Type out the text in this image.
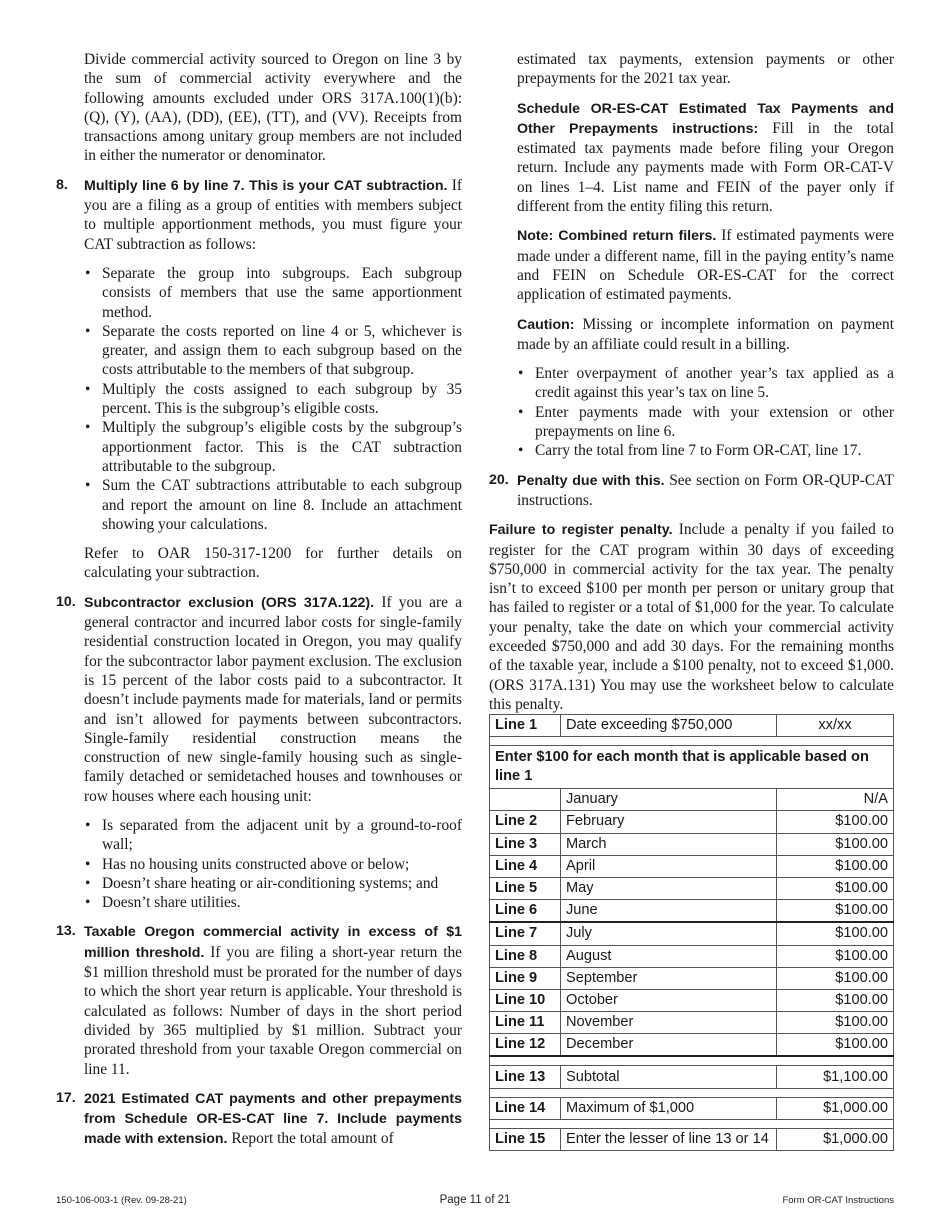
Divide commercial activity sourced to Oregon on line 3 by the sum of commercial activity everywhere and the following amounts excluded under ORS 317A.100(1)(b): (Q), (Y), (AA), (DD), (EE), (TT), and (VV). Receipts from transactions among unitary group members are not included in either the numerator or denominator.

8. Multiply line 6 by line 7. This is your CAT subtraction. If you are a filing as a group of entities with members subject to multiple apportionment methods, you must figure your CAT subtraction as follows:

• Separate the group into subgroups. Each subgroup consists of members that use the same apportionment method.
• Separate the costs reported on line 4 or 5, whichever is greater, and assign them to each subgroup based on the costs attributable to the members of that subgroup.
• Multiply the costs assigned to each subgroup by 35 percent. This is the subgroup’s eligible costs.
• Multiply the subgroup’s eligible costs by the subgroup’s apportionment factor. This is the CAT subtraction attributable to the subgroup.
• Sum the CAT subtractions attributable to each subgroup and report the amount on line 8. Include an attachment showing your calculations.

Refer to OAR 150-317-1200 for further details on calculating your subtraction.

10. Subcontractor exclusion (ORS 317A.122). If you are a general contractor and incurred labor costs for single-family residential construction located in Oregon, you may qualify for the subcontractor labor payment exclusion. The exclusion is 15 percent of the labor costs paid to a subcontractor. It doesn’t include payments made for materials, land or permits and isn’t allowed for payments between subcontractors. Single-family residential construction means the construction of new single-family housing such as single-family detached or semidetached houses and townhouses or row houses where each housing unit:

• Is separated from the adjacent unit by a ground-to-roof wall;
• Has no housing units constructed above or below;
• Doesn’t share heating or air-conditioning systems; and
• Doesn’t share utilities.
13. Taxable Oregon commercial activity in excess of $1 million threshold. If you are filing a short-year return the $1 million threshold must be prorated for the number of days to which the short year return is applicable. Your threshold is calculated as follows: Number of days in the short period divided by 365 multiplied by $1 million. Subtract your prorated threshold from your taxable Oregon commercial on line 11.

17. 2021 Estimated CAT payments and other prepayments from Schedule OR-ES-CAT line 7. Include payments made with extension. Report the total amount of

estimated tax payments, extension payments or other prepayments for the 2021 tax year.

Schedule OR-ES-CAT Estimated Tax Payments and Other Prepayments instructions: Fill in the total estimated tax payments made before filing your Oregon return. Include any payments made with Form OR-CAT-V on lines 1–4. List name and FEIN of the payer only if different from the entity filing this return.

Note: Combined return filers. If estimated payments were made under a different name, fill in the paying entity’s name and FEIN on Schedule OR-ES-CAT for the correct application of estimated payments.

Caution: Missing or incomplete information on payment made by an affiliate could result in a billing.

• Enter overpayment of another year’s tax applied as a credit against this year’s tax on line 5.
• Enter payments made with your extension or other prepayments on line 6.
• Carry the total from line 7 to Form OR-CAT, line 17.
20. Penalty due with this. See section on Form OR-QUP-CAT instructions.

Failure to register penalty. Include a penalty if you failed to register for the CAT program within 30 days of exceeding $750,000 in commercial activity for the tax year. The penalty isn’t to exceed $100 per month per person or unitary group that has failed to register or a total of $1,000 for the year. To calculate your penalty, take the date on which your commercial activity exceeded $750,000 and add 30 days. For the remaining months of the taxable year, include a $100 penalty, not to exceed $1,000. (ORS 317A.131) You may use the worksheet below to calculate this penalty.

Line 1	Date exceeding $750,000	xx/xx

Enter $100 for each month that is applicable based on line 1		
	January	N/A
Line 2	February	$100.00
Line 3	March	$100.00
Line 4	April	$100.00
Line 5	May	$100.00
Line 6	June	$100.00
Line 7	July	$100.00
Line 8	August	$100.00
Line 9	September	$100.00
Line 10	October	$100.00
Line 11	November	$100.00
Line 12	December	$100.00

Line 13	Subtotal	$1,100.00

Line 14	Maximum of $1,000	$1,000.00

Line 15	Enter the lesser of line 13 or 14	$1,000.00
150-106-003-1 (Rev. 09-28-21)	Page 11 of 21	Form OR-CAT Instructions
